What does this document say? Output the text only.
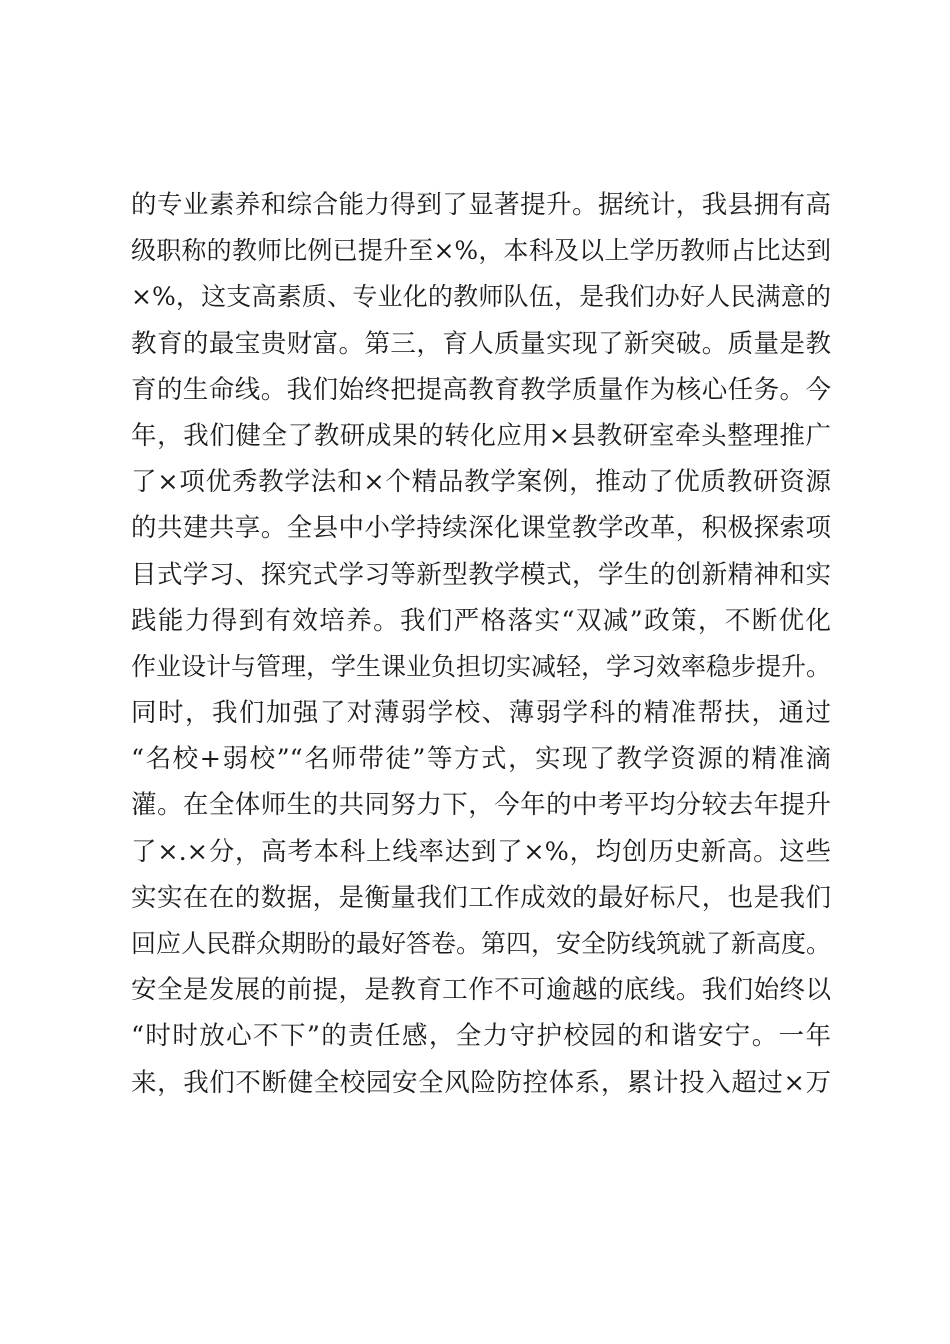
的专业素养和综合能力得到了显著提升。据统计，我县拥有高
级职称的教师比例已提升至×%，本科及以上学历教师占比达到
×%，这支高素质、专业化的教师队伍，是我们办好人民满意的
教育的最宝贵财富。第三，育人质量实现了新突破。质量是教
育的生命线。我们始终把提高教育教学质量作为核心任务。今
年，我们健全了教研成果的转化应用×县教研室牵头整理推广
了×项优秀教学法和×个精品教学案例，推动了优质教研资源
的共建共享。全县中小学持续深化课堂教学改革，积极探索项
目式学习、探究式学习等新型教学模式，学生的创新精神和实
践能力得到有效培养。我们严格落实“双减”政策，不断优化
作业设计与管理，学生课业负担切实减轻，学习效率稳步提升。
同时，我们加强了对薄弱学校、薄弱学科的精准帮扶，通过
“名校+弱校”“名师带徒”等方式，实现了教学资源的精准滴
灌。在全体师生的共同努力下，今年的中考平均分较去年提升
了×.×分，高考本科上线率达到了×%，均创历史新高。这些
实实在在的数据，是衡量我们工作成效的最好标尺，也是我们
回应人民群众期盼的最好答卷。第四，安全防线筑就了新高度。
安全是发展的前提，是教育工作不可逾越的底线。我们始终以
“时时放心不下”的责任感，全力守护校园的和谐安宁。一年
来，我们不断健全校园安全风险防控体系，累计投入超过×万
